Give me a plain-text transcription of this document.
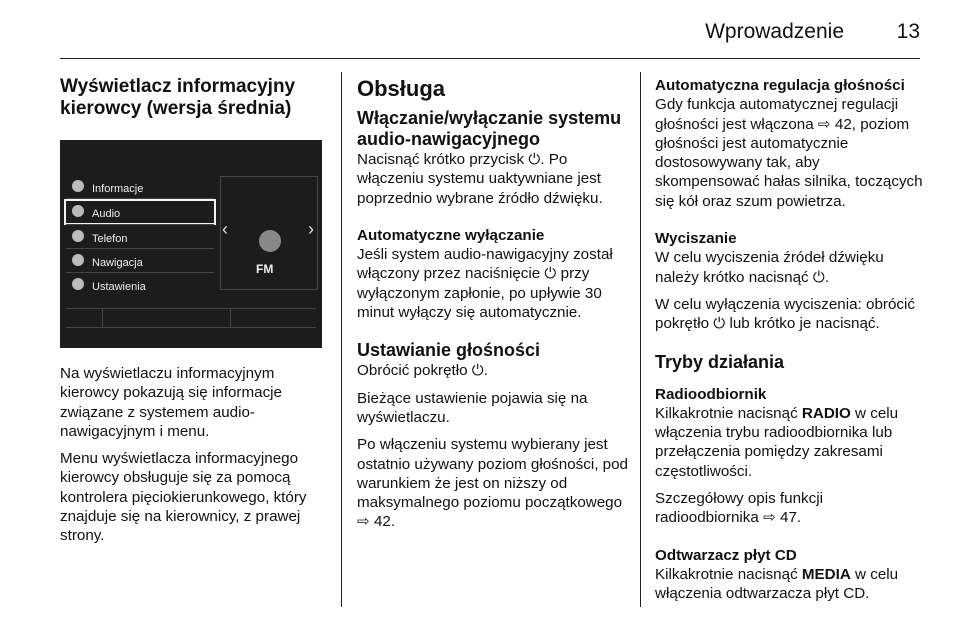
Wprowadzenie	13
Wyświetlacz informacyjny kierowcy (wersja średnia)
Informacje
Audio
Telefon
Nawigacja
Ustawienia
‹	›
FM

Na wyświetlaczu informacyjnym kierowcy pokazują się informacje związane z systemem audio-nawigacyjnym i menu.

Menu wyświetlacza informacyjnego kierowcy obsługuje się za pomocą kontrolera pięciokierunkowego, który znajduje się na kierownicy, z prawej strony.

Obsługa
Włączanie/wyłączanie systemu audio-nawigacyjnego

Nacisnąć krótko przycisk ⏻. Po włączeniu systemu uaktywniane jest poprzednio wybrane źródło dźwięku.

Automatyczne wyłączanie

Jeśli system audio-nawigacyjny został włączony przez naciśnięcie ⏻ przy wyłączonym zapłonie, po upływie 30 minut wyłączy się automatycznie.

Ustawianie głośności

Obrócić pokrętło ⏻.

Bieżące ustawienie pojawia się na wyświetlaczu.

Po włączeniu systemu wybierany jest ostatnio używany poziom głośności, pod warunkiem że jest on niższy od maksymalnego poziomu początkowego ⇨ 42.

Automatyczna regulacja głośności

Gdy funkcja automatycznej regulacji głośności jest włączona ⇨ 42, poziom głośności jest automatycznie dostosowywany tak, aby skompensować hałas silnika, toczących się kół oraz szum powietrza.

Wyciszanie

W celu wyciszenia źródeł dźwięku należy krótko nacisnąć ⏻.

W celu wyłączenia wyciszenia: obrócić pokrętło ⏻ lub krótko je nacisnąć.

Tryby działania
Radioodbiornik

Kilkakrotnie nacisnąć RADIO w celu włączenia trybu radioodbiornika lub przełączenia pomiędzy zakresami częstotliwości.

Szczegółowy opis funkcji radioodbiornika ⇨ 47.

Odtwarzacz płyt CD

Kilkakrotnie nacisnąć MEDIA w celu włączenia odtwarzacza płyt CD.
